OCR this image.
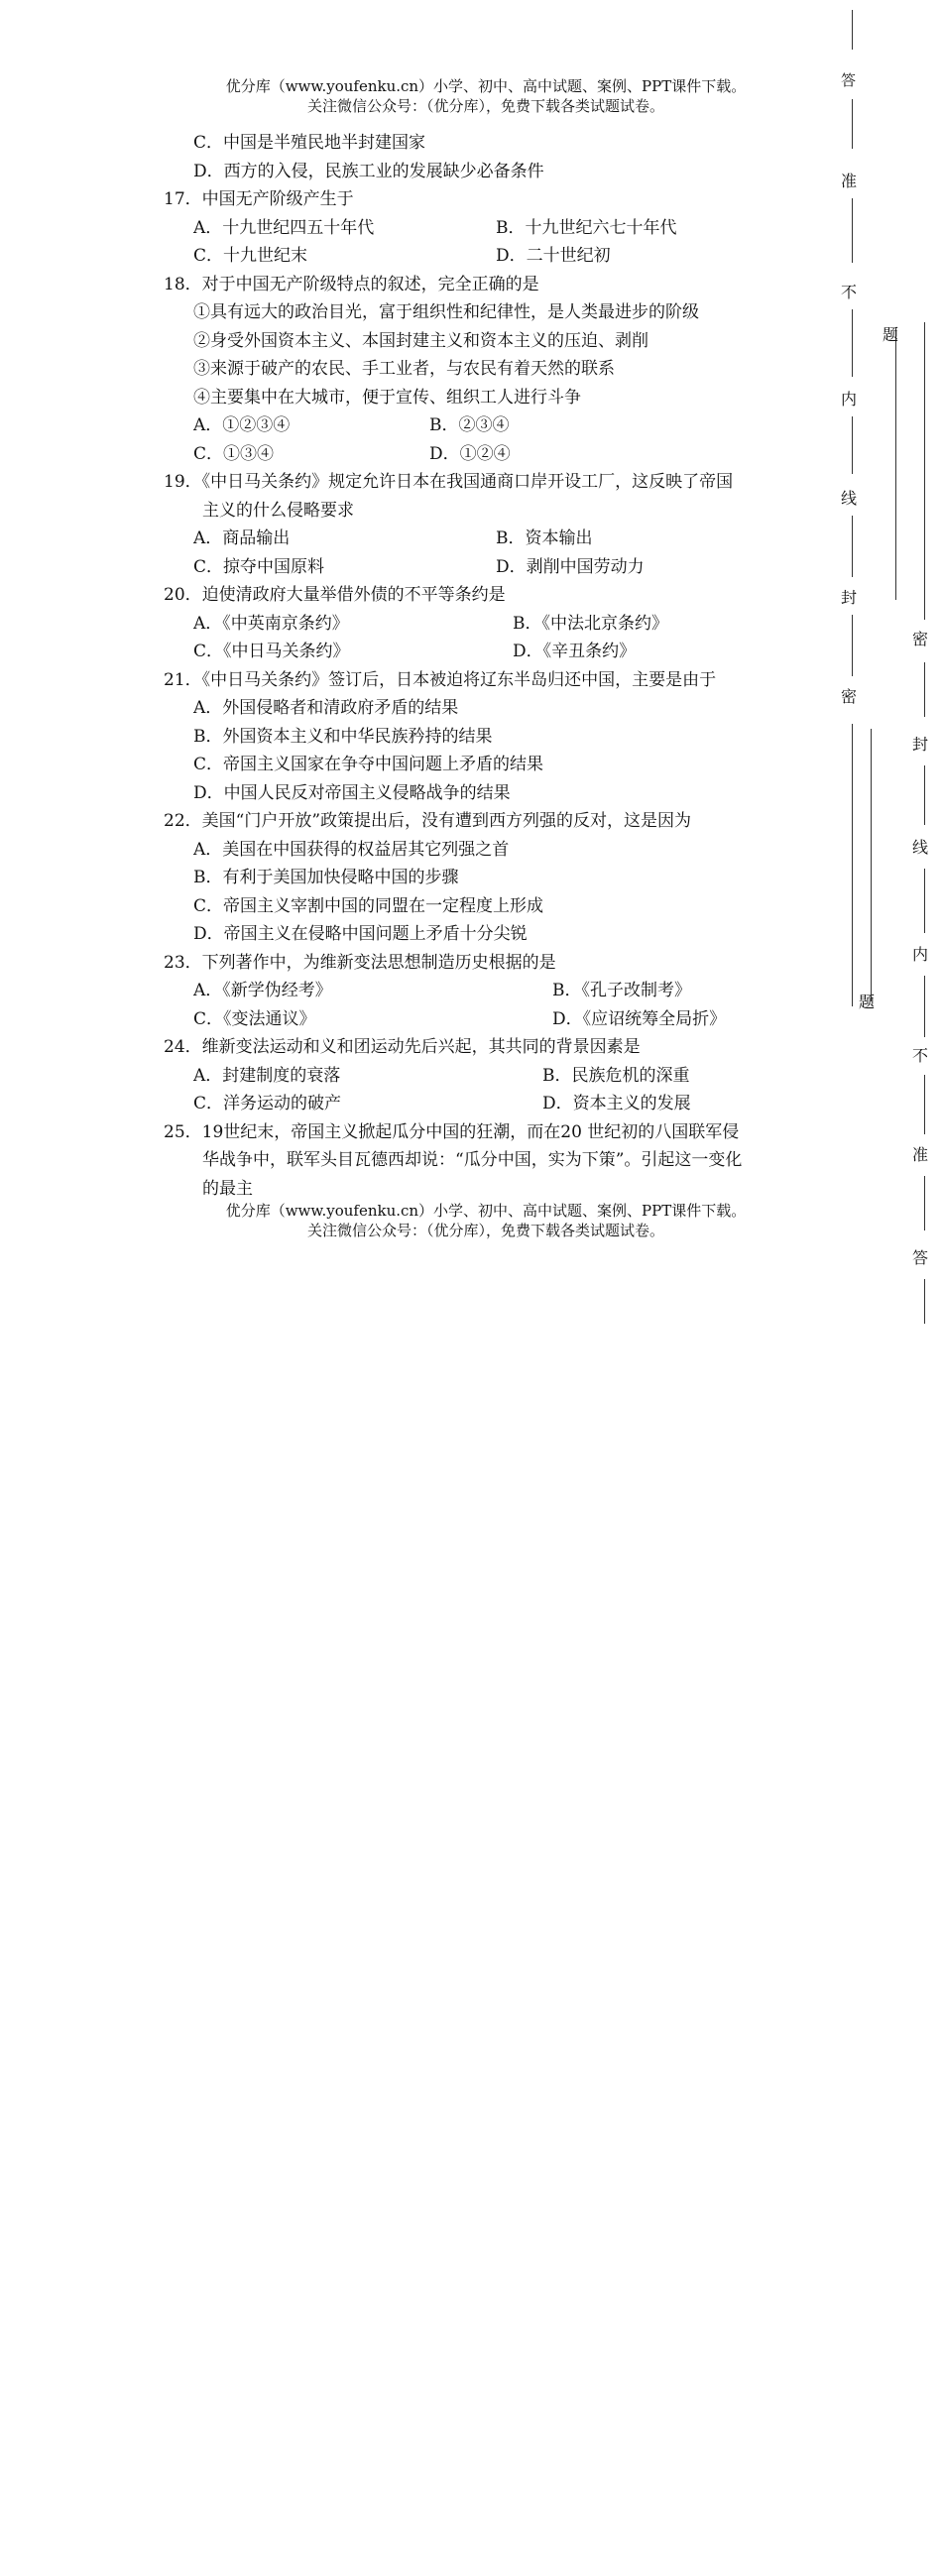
优分库（www.youfenku.cn）小学、初中、高中试题、案例、PPT课件下载。
关注微信公众号：（优分库），免费下载各类试题试卷。
C．中国是半殖民地半封建国家
D．西方的入侵，民族工业的发展缺少必备条件
17．中国无产阶级产生于
A．十九世纪四五十年代	B．十九世纪六七十年代
C．十九世纪末	D．二十世纪初
18．对于中国无产阶级特点的叙述，完全正确的是
①具有远大的政治目光，富于组织性和纪律性，是人类最进步的阶级
②身受外国资本主义、本国封建主义和资本主义的压迫、剥削
③来源于破产的农民、手工业者，与农民有着天然的联系
④主要集中在大城市，便于宣传、组织工人进行斗争
A．①②③④	B．②③④
C．①③④	D．①②④
19．《中日马关条约》规定允许日本在我国通商口岸开设工厂，这反映了帝国
主义的什么侵略要求
A．商品输出	B．资本输出
C．掠夺中国原料	D．剥削中国劳动力
20．迫使清政府大量举借外债的不平等条约是
A．《中英南京条约》	B．《中法北京条约》
C．《中日马关条约》	D．《辛丑条约》
21．《中日马关条约》签订后，日本被迫将辽东半岛归还中国，主要是由于
A．外国侵略者和清政府矛盾的结果
B．外国资本主义和中华民族矜持的结果
C．帝国主义国家在争夺中国问题上矛盾的结果
D．中国人民反对帝国主义侵略战争的结果
22．美国“门户开放”政策提出后，没有遭到西方列强的反对，这是因为
A．美国在中国获得的权益居其它列强之首
B．有利于美国加快侵略中国的步骤
C．帝国主义宰割中国的同盟在一定程度上形成
D．帝国主义在侵略中国问题上矛盾十分尖锐
23．下列著作中，为维新变法思想制造历史根据的是
A．《新学伪经考》	B．《孔子改制考》
C．《变法通议》	D．《应诏统筹全局折》
24．维新变法运动和义和团运动先后兴起，其共同的背景因素是
A．封建制度的衰落	B．民族危机的深重
C．洋务运动的破产	D．资本主义的发展
25．19世纪末，帝国主义掀起瓜分中国的狂潮，而在20 世纪初的八国联军侵
华战争中，联军头目瓦德西却说：“瓜分中国，实为下策”。引起这一变化
的最主
优分库（www.youfenku.cn）小学、初中、高中试题、案例、PPT课件下载。
关注微信公众号：（优分库），免费下载各类试题试卷。
答
准
不
内
线
封
密
题
题
密
封
线
内
不
准
答
